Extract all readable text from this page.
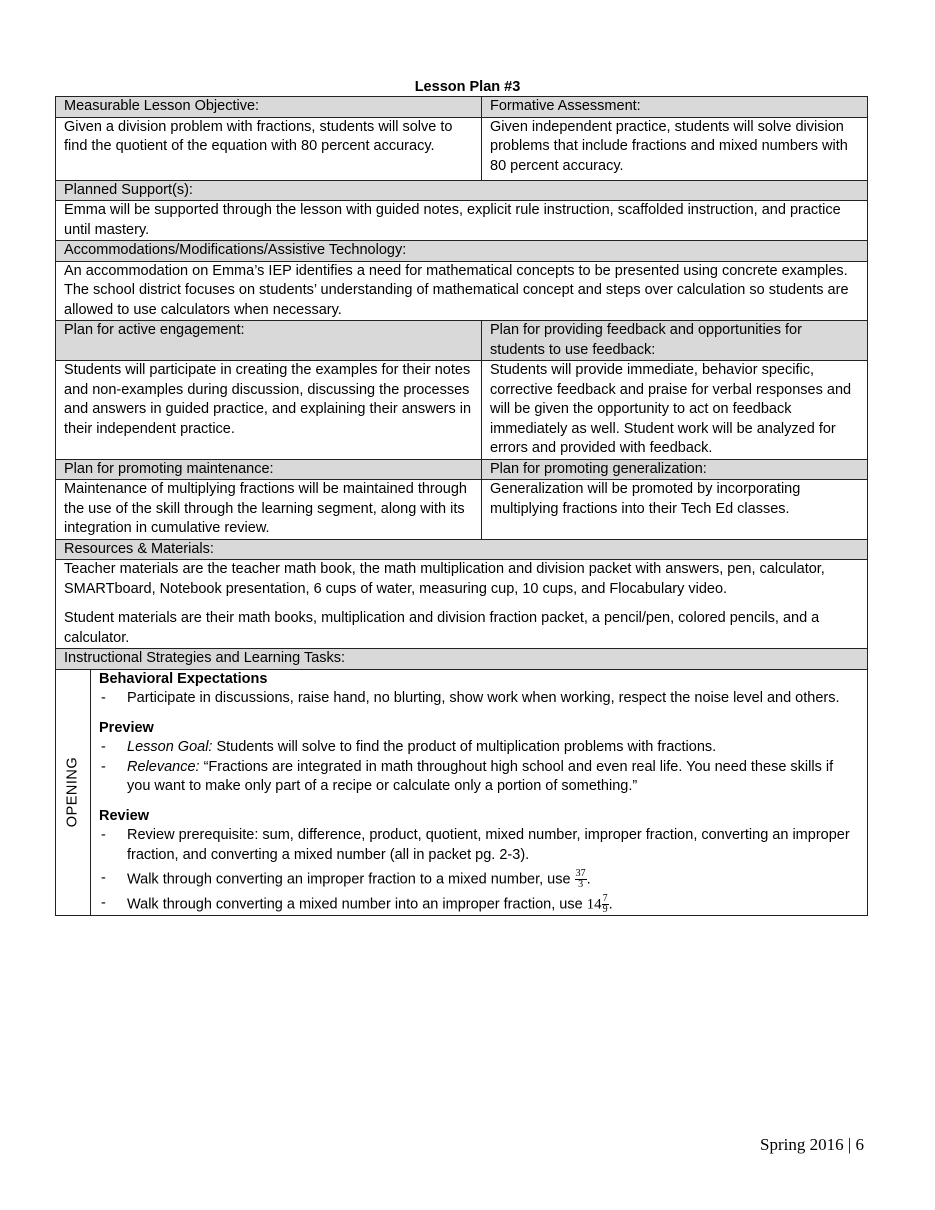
Lesson Plan #3
Measurable Lesson Objective:		Formative Assessment:
Given a division problem with fractions, students will solve to find the quotient of the equation with 80 percent accuracy.		Given independent practice, students will solve division problems that include fractions and mixed numbers with 80 percent accuracy.
Planned Support(s):		
Emma will be supported through the lesson with guided notes, explicit rule instruction, scaffolded instruction, and practice until mastery.		
Accommodations/Modifications/Assistive Technology:		
An accommodation on Emma’s IEP identifies a need for mathematical concepts to be presented using concrete examples. The school district focuses on students’ understanding of mathematical concept and steps over calculation so students are allowed to use calculators when necessary.		
Plan for active engagement:		Plan for providing feedback and opportunities for students to use feedback:
Students will participate in creating the examples for their notes and non-examples during discussion, discussing the processes and answers in guided practice, and explaining their answers in their independent practice.	Students will provide immediate, behavior specific, corrective feedback and praise for verbal responses and will be given the opportunity to act on feedback immediately as well. Student work will be analyzed for errors and provided with feedback.
Plan for promoting maintenance:		Plan for promoting generalization:
Maintenance of multiplying fractions will be maintained through the use of the skill through the learning segment, along with its integration in cumulative review.		Generalization will be promoted by incorporating multiplying fractions into their Tech Ed classes.
Resources & Materials:		

Teacher materials are the teacher math book, the math multiplication and division packet with answers, pen, calculator, SMARTboard, Notebook presentation, 6 cups of water, measuring cup, 10 cups, and Flocabulary video.

Student materials are their math books, multiplication and division fraction packet, a pencil/pen, colored pencils, and a calculator.		

Instructional Strategies and Learning Tasks:		

OPENING

Behavioral Expectations

- Participate in discussions, raise hand, no blurting, show work when working, respect the noise level and others.

Preview

- Lesson Goal: Students will solve to find the product of multiplication problems with fractions.
- Relevance: “Fractions are integrated in math throughout high school and even real life. You need these skills if you want to make only part of a recipe or calculate only a portion of something.”

Review

- Review prerequisite: sum, difference, product, quotient, mixed number, improper fraction, converting an improper fraction, and converting a mixed number (all in packet pg. 2-3).
- Walk through converting an improper fraction to a mixed number, use $\frac{37}{3}$ .
- Walk through converting a mixed number into an improper fraction, use $14 \frac{7}{9}$ .
Spring 2016 | 6
